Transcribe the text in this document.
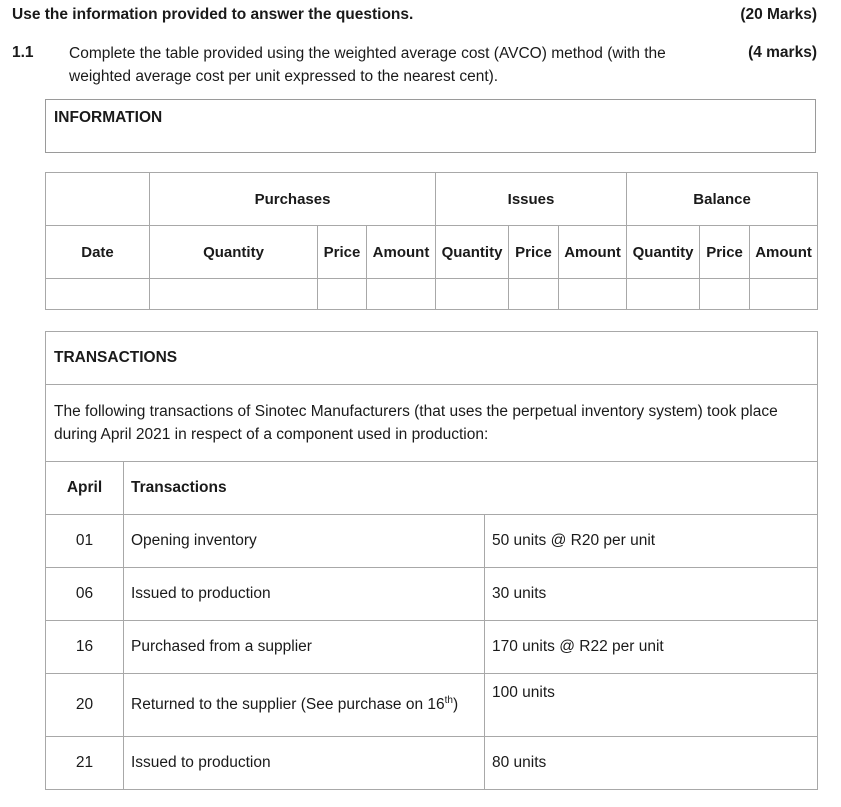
Use the information provided to answer the questions.	(20 Marks)
1.1 Complete the table provided using the weighted average cost (AVCO) method (with the weighted average cost per unit expressed to the nearest cent).
(4 marks)
INFORMATION
	Purchases			Issues			Balance		
Date	Quantity	Price	Amount	Quantity	Price	Amount	Quantity	Price	Amount

TRANSACTIONS		
The following transactions of Sinotec Manufacturers (that uses the perpetual inventory system) took place during April 2021 in respect of a component used in production:		
April	Transactions	
01	Opening inventory	50 units @ R20 per unit
06	Issued to production	30 units
16	Purchased from a supplier	170 units @ R22 per unit
20	Returned to the supplier (See purchase on 16th)	100 units
21	Issued to production	80 units
